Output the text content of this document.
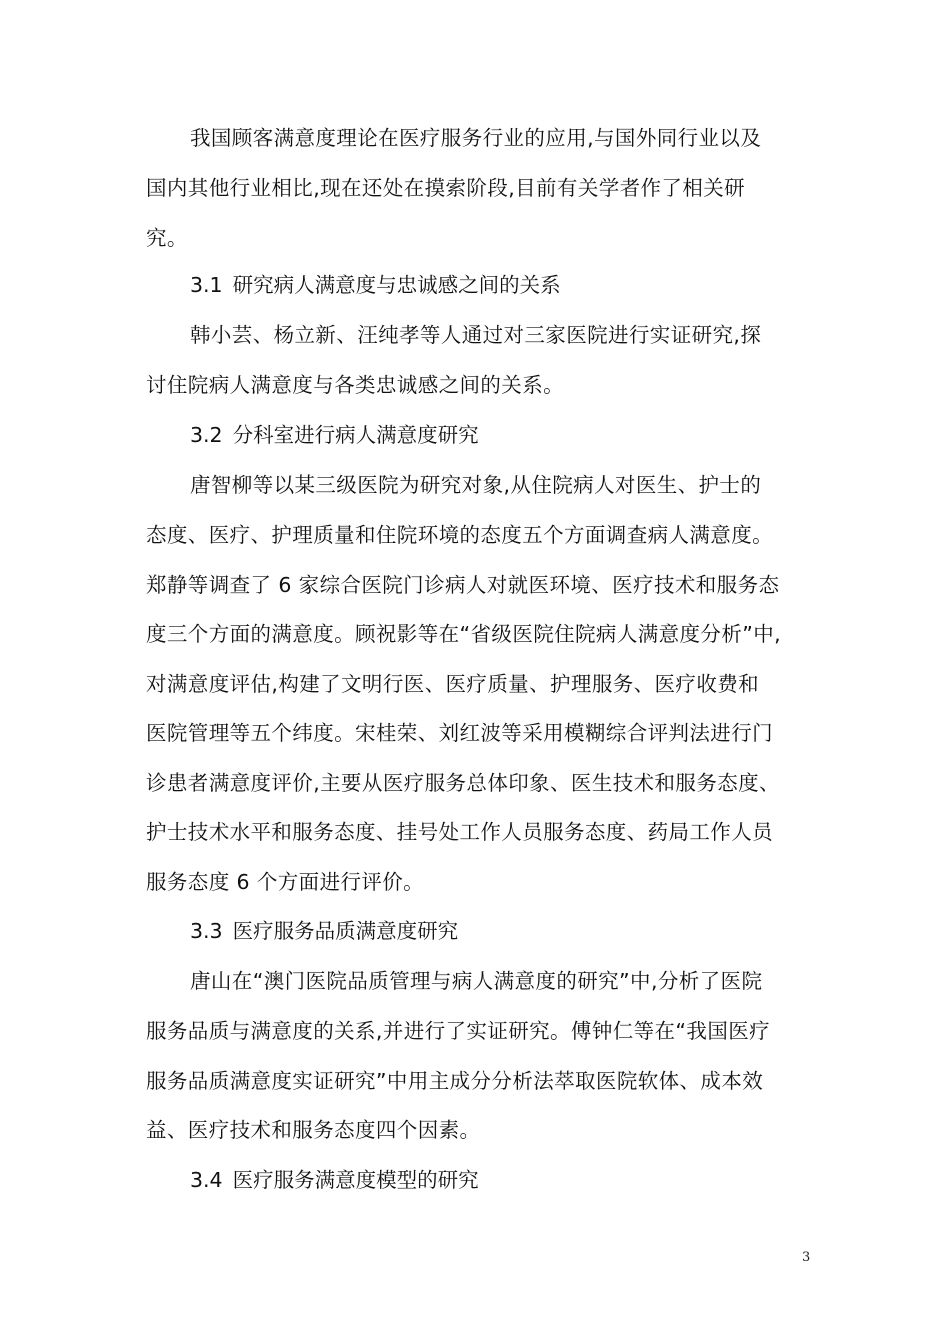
我国顾客满意度理论在医疗服务行业的应用,与国外同行业以及
国内其他行业相比,现在还处在摸索阶段,目前有关学者作了相关研
究。
3.1 研究病人满意度与忠诚感之间的关系
韩小芸、杨立新、汪纯孝等人通过对三家医院进行实证研究,探
讨住院病人满意度与各类忠诚感之间的关系。
3.2 分科室进行病人满意度研究
唐智柳等以某三级医院为研究对象,从住院病人对医生、护士的
态度、医疗、护理质量和住院环境的态度五个方面调查病人满意度。
郑静等调查了 6 家综合医院门诊病人对就医环境、医疗技术和服务态
度三个方面的满意度。顾祝影等在“省级医院住院病人满意度分析”中,
对满意度评估,构建了文明行医、医疗质量、护理服务、医疗收费和
医院管理等五个纬度。宋桂荣、刘红波等采用模糊综合评判法进行门
诊患者满意度评价,主要从医疗服务总体印象、医生技术和服务态度、
护士技术水平和服务态度、挂号处工作人员服务态度、药局工作人员
服务态度 6 个方面进行评价。
3.3 医疗服务品质满意度研究
唐山在“澳门医院品质管理与病人满意度的研究”中,分析了医院
服务品质与满意度的关系,并进行了实证研究。傅钟仁等在“我国医疗
服务品质满意度实证研究”中用主成分分析法萃取医院软体、成本效
益、医疗技术和服务态度四个因素。
3.4 医疗服务满意度模型的研究
3
